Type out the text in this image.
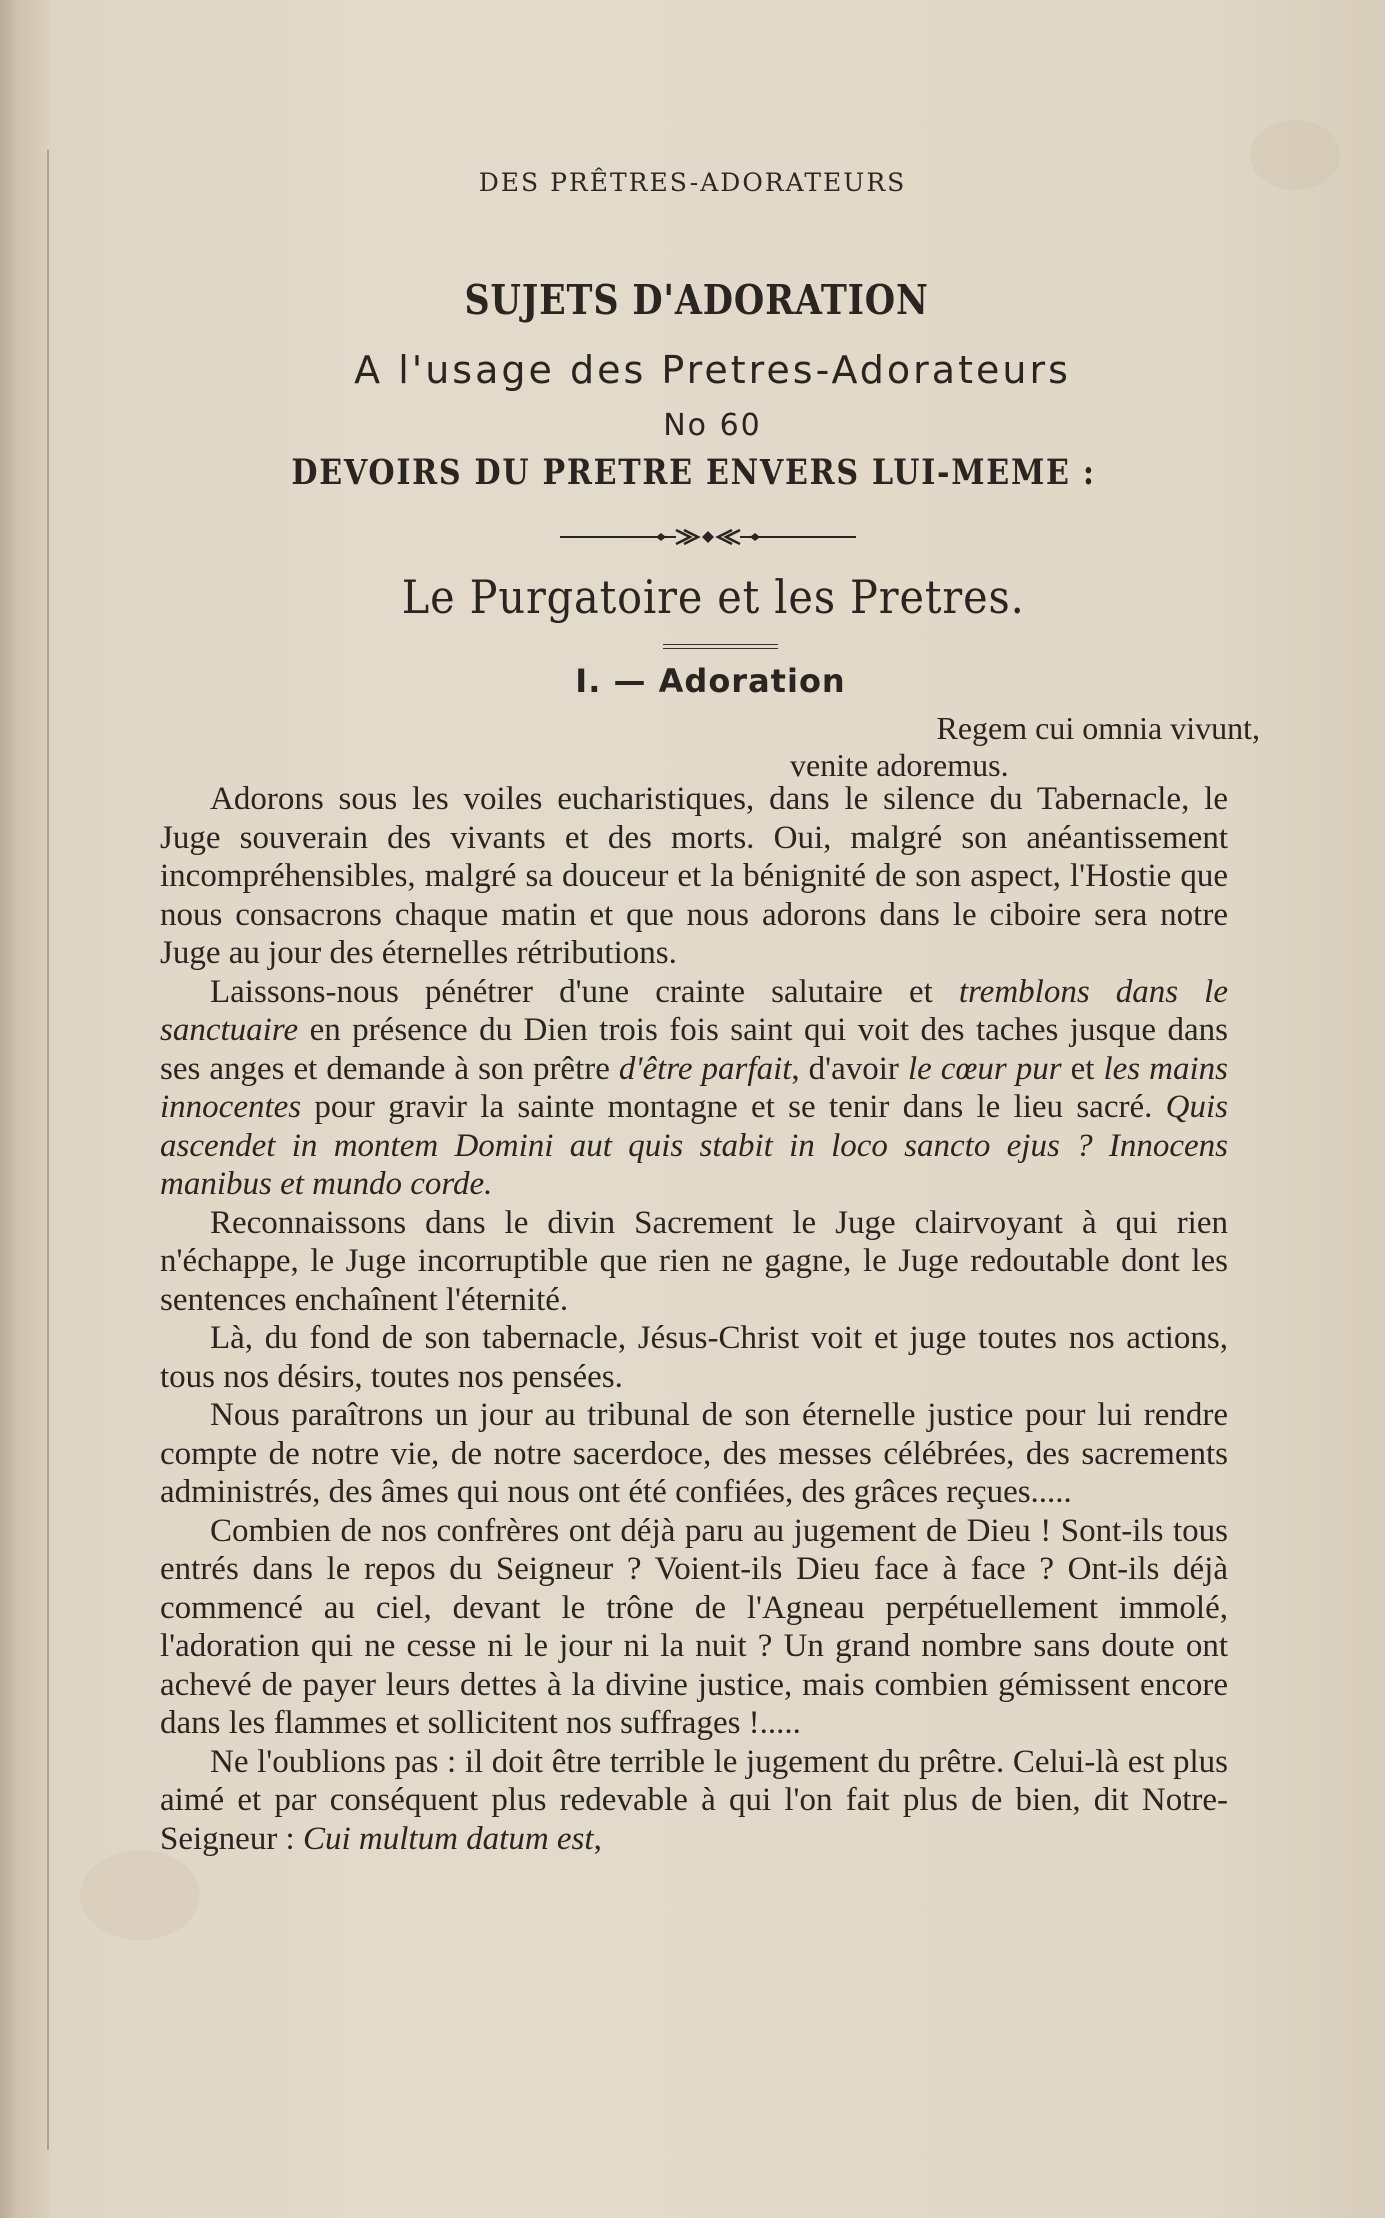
DES PRÊTRES-ADORATEURS
SUJETS D'ADORATION
A l'usage des Pretres-Adorateurs
No 60
DEVOIRS DU PRETRE ENVERS LUI-MEME :
Le Purgatoire et les Pretres.
I. — Adoration
Regem cui omnia vivunt,
venite adoremus.

Adorons sous les voiles eucharistiques, dans le silence du Tabernacle, le Juge souverain des vivants et des morts. Oui, malgré son anéantissement incompréhensibles, malgré sa douceur et la bénignité de son aspect, l'Hostie que nous consacrons chaque matin et que nous adorons dans le ciboire sera notre Juge au jour des éternelles rétributions.

Laissons-nous pénétrer d'une crainte salutaire et tremblons dans le sanctuaire en présence du Dien trois fois saint qui voit des taches jusque dans ses anges et demande à son prêtre d'être parfait, d'avoir le cœur pur et les mains innocentes pour gravir la sainte montagne et se tenir dans le lieu sacré. Quis ascendet in montem Domini aut quis stabit in loco sancto ejus ? Innocens manibus et mundo corde.

Reconnaissons dans le divin Sacrement le Juge clairvoyant à qui rien n'échappe, le Juge incorruptible que rien ne gagne, le Juge redoutable dont les sentences enchaînent l'éternité.

Là, du fond de son tabernacle, Jésus-Christ voit et juge toutes nos actions, tous nos désirs, toutes nos pensées.

Nous paraîtrons un jour au tribunal de son éternelle justice pour lui rendre compte de notre vie, de notre sacerdoce, des messes célébrées, des sacrements administrés, des âmes qui nous ont été confiées, des grâces reçues.....

Combien de nos confrères ont déjà paru au jugement de Dieu ! Sont-ils tous entrés dans le repos du Seigneur ? Voient-ils Dieu face à face ? Ont-ils déjà commencé au ciel, devant le trône de l'Agneau perpétuellement immolé, l'adoration qui ne cesse ni le jour ni la nuit ? Un grand nombre sans doute ont achevé de payer leurs dettes à la divine justice, mais combien gémissent encore dans les flammes et sollicitent nos suffrages !.....

Ne l'oublions pas : il doit être terrible le jugement du prêtre. Celui-là est plus aimé et par conséquent plus redevable à qui l'on fait plus de bien, dit Notre-Seigneur : Cui multum datum est,
